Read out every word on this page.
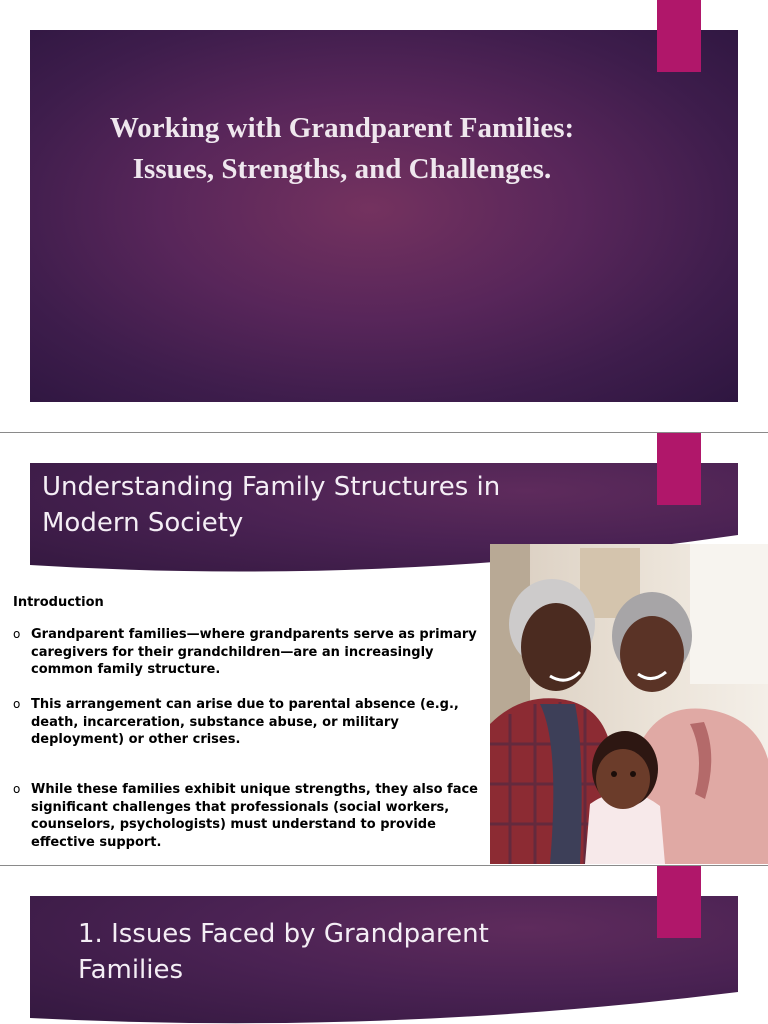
Working with Grandparent Families: Issues, Strengths, and Challenges.
Understanding Family Structures in Modern Society

Introduction

o Grandparent families—where grandparents serve as primary caregivers for their grandchildren—are an increasingly common family structure.
o This arrangement can arise due to parental absence (e.g., death, incarceration, substance abuse, or military deployment) or other crises.
o While these families exhibit unique strengths, they also face significant challenges that professionals (social workers, counselors, psychologists) must understand to provide effective support.
1. Issues Faced by Grandparent Families
